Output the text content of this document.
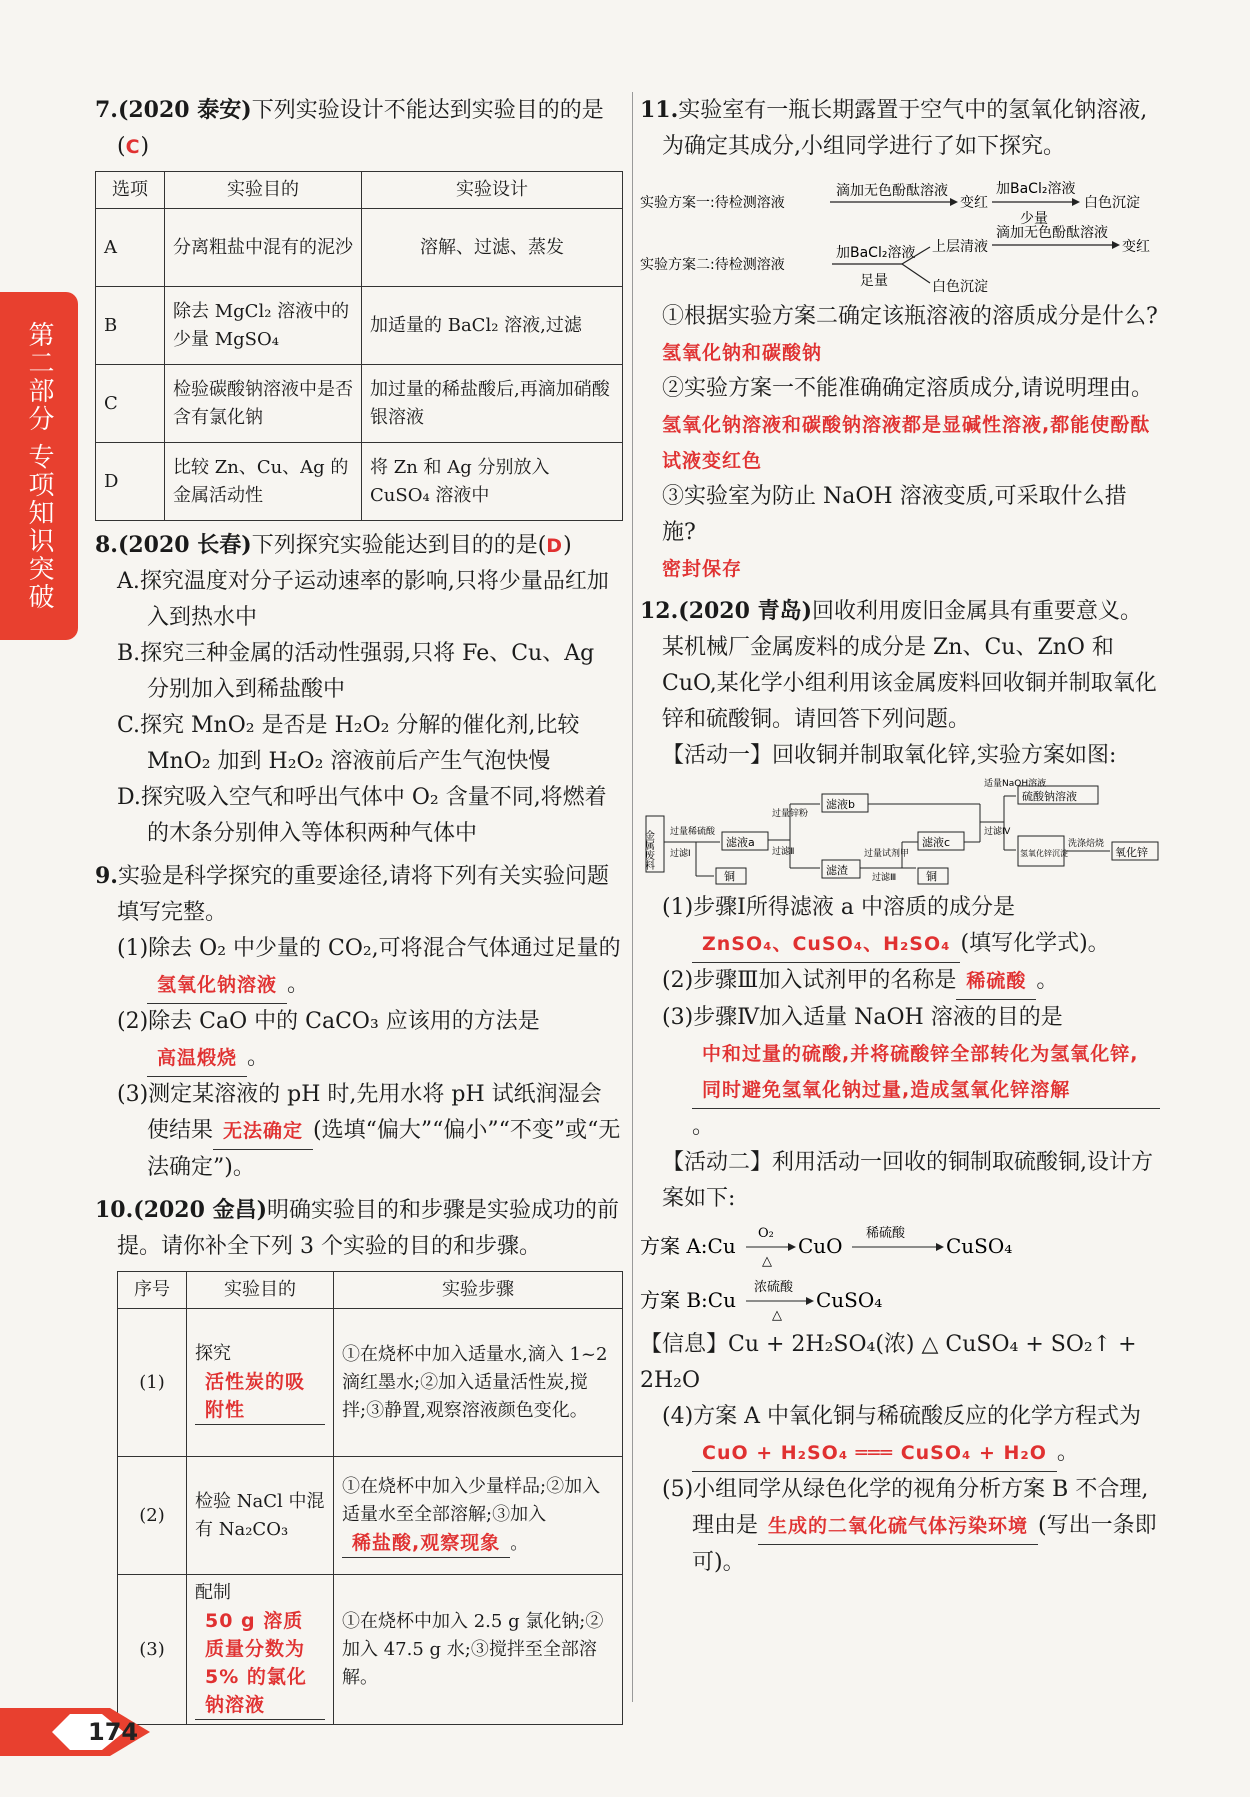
第二部分 专项知识突破

7.(2020 泰安)下列实验设计不能达到实验目的的是(C)

选项	实验目的	实验设计
A	分离粗盐中混有的泥沙	溶解、过滤、蒸发
B	除去 MgCl₂ 溶液中的少量 MgSO₄	加适量的 BaCl₂ 溶液,过滤
C	检验碳酸钠溶液中是否含有氯化钠	加过量的稀盐酸后,再滴加硝酸银溶液
D	比较 Zn、Cu、Ag 的金属活动性	将 Zn 和 Ag 分别放入 CuSO₄ 溶液中

8.(2020 长春)下列探究实验能达到目的的是(D)

A.探究温度对分子运动速率的影响,只将少量品红加入到热水中

B.探究三种金属的活动性强弱,只将 Fe、Cu、Ag 分别加入到稀盐酸中

C.探究 MnO₂ 是否是 H₂O₂ 分解的催化剂,比较 MnO₂ 加到 H₂O₂ 溶液前后产生气泡快慢

D.探究吸入空气和呼出气体中 O₂ 含量不同,将燃着的木条分别伸入等体积两种气体中

9.实验是科学探究的重要途径,请将下列有关实验问题填写完整。

(1)除去 O₂ 中少量的 CO₂,可将混合气体通过足量的氢氧化钠溶液 。

(2)除去 CaO 中的 CaCO₃ 应该用的方法是高温煅烧 。

(3)测定某溶液的 pH 时,先用水将 pH 试纸润湿会使结果 无法确定 (选填“偏大”“偏小”“不变”或“无法确定”)。

10.(2020 金昌)明确实验目的和步骤是实验成功的前提。请你补全下列 3 个实验的目的和步骤。

序号	实验目的	实验步骤
(1)	探究 活性炭的吸附性	①在烧杯中加入适量水,滴入 1~2 滴红墨水;②加入适量活性炭,搅拌;③静置,观察溶液颜色变化。
(2)	检验 NaCl 中混有 Na₂CO₃	①在烧杯中加入少量样品;②加入适量水至全部溶解;③加入稀盐酸,观察现象 。
(3)	配制 50 g 溶质质量分数为 5% 的氯化钠溶液	①在烧杯中加入 2.5 g 氯化钠;②加入 47.5 g 水;③搅拌至全部溶解。

11.实验室有一瓶长期露置于空气中的氢氧化钠溶液,为确定其成分,小组同学进行了如下探究。

实验方案一:待检测溶液
滴加无色酚酞溶液
变红
加BaCl₂溶液
少量
白色沉淀
实验方案二:待检测溶液
加BaCl₂溶液
足量
上层清液
滴加无色酚酞溶液
变红
白色沉淀

①根据实验方案二确定该瓶溶液的溶质成分是什么?

氢氧化钠和碳酸钠

②实验方案一不能准确确定溶质成分,请说明理由。

氢氧化钠溶液和碳酸钠溶液都是显碱性溶液,都能使酚酞试液变红色

③实验室为防止 NaOH 溶液变质,可采取什么措施?

密封保存

12.(2020 青岛)回收利用废旧金属具有重要意义。某机械厂金属废料的成分是 Zn、Cu、ZnO 和 CuO,某化学小组利用该金属废料回收铜并制取氧化锌和硫酸铜。请回答下列问题。

【活动一】回收铜并制取氧化锌,实验方案如图:

金属废料 过量稀硫酸
过滤Ⅰ
滤液a
铜
过量锌粉
过滤Ⅱ
滤液b
滤渣
过量试剂甲
过滤Ⅲ
滤液c
铜
适量NaOH溶液
过滤Ⅳ
硫酸钠溶液
氢氧化锌沉淀
洗涤焙烧
氧化锌

(1)步骤Ⅰ所得滤液 a 中溶质的成分是ZnSO₄、CuSO₄、H₂SO₄ (填写化学式)。

(2)步骤Ⅲ加入试剂甲的名称是 稀硫酸 。

(3)步骤Ⅳ加入适量 NaOH 溶液的目的是中和过量的硫酸,并将硫酸锌全部转化为氢氧化锌,同时避免氢氧化钠过量,造成氢氧化锌溶解。

【活动二】利用活动一回收的铜制取硫酸铜,设计方案如下:

方案 A:Cu
O₂
△
CuO
稀硫酸
CuSO₄
方案 B:Cu
浓硫酸
△
CuSO₄

【信息】Cu + 2H₂SO₄(浓) △ CuSO₄ + SO₂↑ + 2H₂O

(4)方案 A 中氧化铜与稀硫酸反应的化学方程式为CuO + H₂SO₄ ═══ CuSO₄ + H₂O 。

(5)小组同学从绿色化学的视角分析方案 B 不合理,理由是 生成的二氧化硫气体污染环境 (写出一条即可)。

174
